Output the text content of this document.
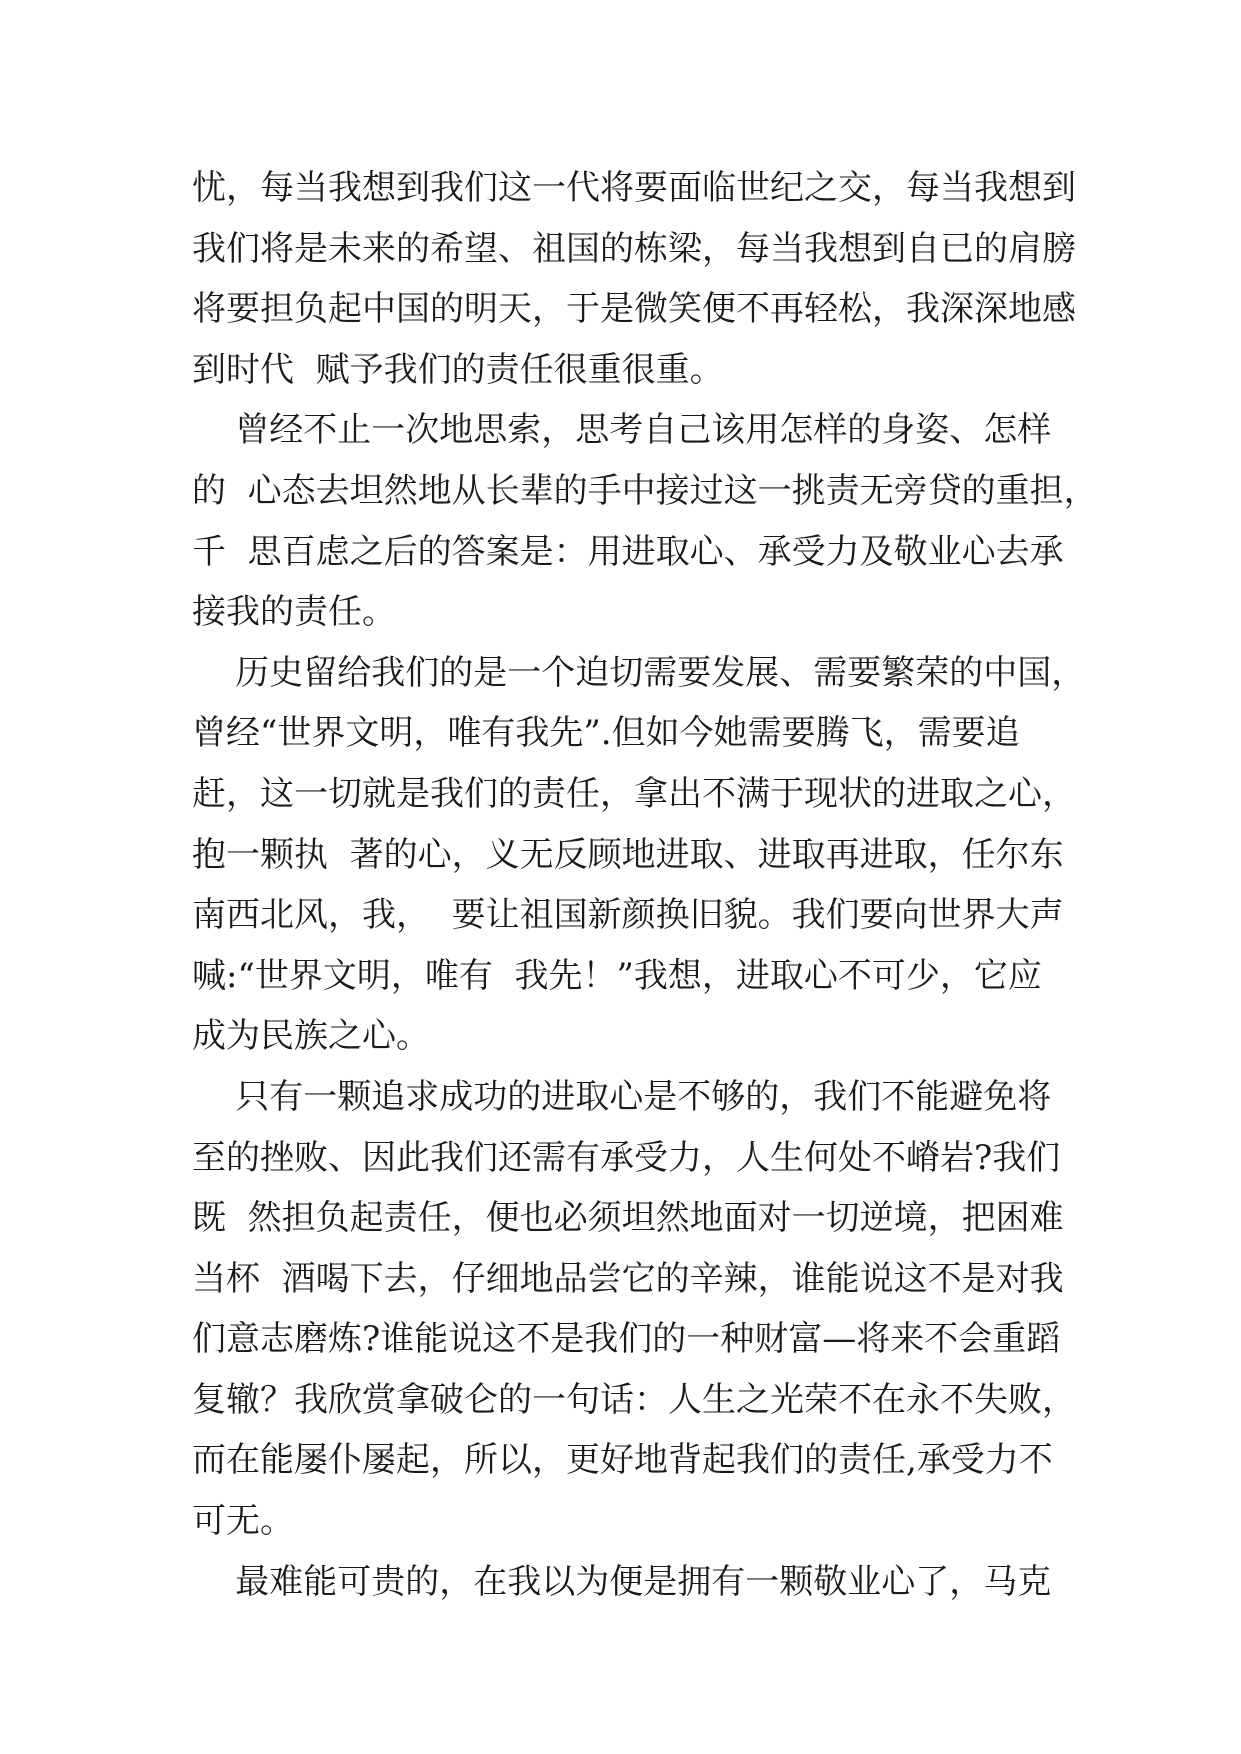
忧，每当我想到我们这一代将要面临世纪之交，每当我想到
我们将是未来的希望、祖国的栋梁，每当我想到自已的肩膀
将要担负起中国的明天，于是微笑便不再轻松，我深深地感
到时代  赋予我们的责任很重很重。
曾经不止一次地思索，思考自己该用怎样的身姿、怎样
的  心态去坦然地从长辈的手中接过这一挑责无旁贷的重担，
千  思百虑之后的答案是：用进取心、承受力及敬业心去承
接我的责任。
历史留给我们的是一个迫切需要发展、需要繁荣的中国，
曾经“世界文明，唯有我先”.但如今她需要腾飞，需要追
赶，这一切就是我们的责任，拿出不满于现状的进取之心，
抱一颗执  著的心，义无反顾地进取、进取再进取，任尔东
南西北风，我，  要让祖国新颜换旧貌。我们要向世界大声
喊:“世界文明，唯有  我先！”我想，进取心不可少，它应
成为民族之心。
只有一颗追求成功的进取心是不够的，我们不能避免将
至的挫败、因此我们还需有承受力，人生何处不嵴岩?我们
既  然担负起责任，便也必须坦然地面对一切逆境，把困难
当杯  酒喝下去，仔细地品尝它的辛辣，谁能说这不是对我
们意志磨炼?谁能说这不是我们的一种财富—将来不会重蹈
复辙？我欣赏拿破仑的一句话：人生之光荣不在永不失败，
而在能屡仆屡起，所以，更好地背起我们的责任,承受力不
可无。
最难能可贵的，在我以为便是拥有一颗敬业心了，马克
